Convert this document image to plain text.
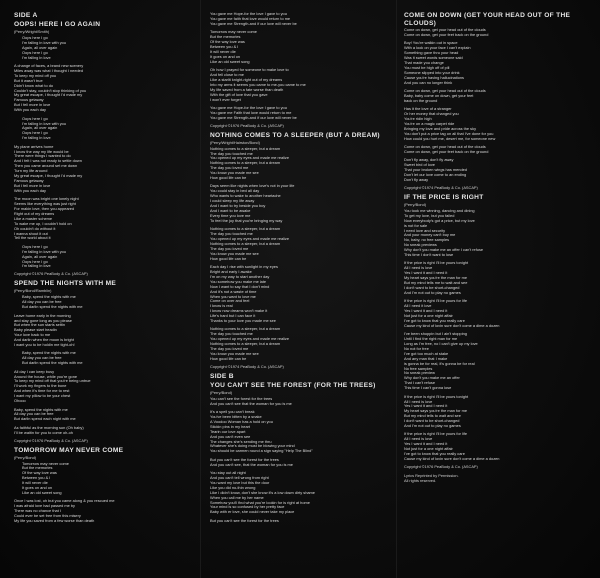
SIDE A
OOPS! HERE I GO AGAIN
(Perry/Wright/Smith)
Oops here I go
I'm falling in love with you
Again, all over again
Oops here I go
I'm falling in love
A change of faces, a brand new scenery
Miles away was what I thought I needed
To keep my mind off you
But it wasn't true
Didn't know what to do
Couldn't stay, couldn't stop thinking of you
My great escape, I thought I'd made my
Famous getaway
But I fell more in love
With you each day
Oops here I go
I'm falling in love with you
Again, all over again
Oops here I go
I'm falling in love
My plane arrives home
I know the way my life would be
There were things I wanted to do
And I felt I was not ready to settle down
Then you came around set me down
Turn my life around
My great escape, I thought I'd made my
Famous getaway
But I fell more in love
With you each day
The moon was bright one lonely night
Seems like everything was just right
For makin love, then you appeared
Right out of my dreams
Like a master scheme
To wake me up, I couldn't hold on
Oh couldn't do without it
I wanna shout it out
Tell the world about it
Oops here I go
I'm falling in love with you
Again, all over again
Oops here I go
I'm falling in love
Copyright ©1976 PeaBody & Co. (ASCAP)
SPEND THE NIGHTS WITH ME
(Perry/Bond/Ramblin)
Baby, spend the nights with me
All day you can be free
But darlin spend the nights with me
Leave home early in the morning
and stay gone long as you please
But when the sun starts settin
Baby please start headin
Your love back to me
And darlin when the moon is bright
I want you to be holdin me tight-oh!
Baby, spend the nights with me
All day you can be free
But darlin spend the nights with me
All day I can keep busy
Around the house, while you're gone
To keep my mind off that you're being untrue
I'll work my fingers to the bone
And when it's time for me to rest
I want my pillow to be your chest
Ohooo
Baby, spend the nights with me
All day you can be free
But darlin spend each night with me
As faithful as the morning sun (Oh baby)
I'll be waitin for you to come oh-oh
Copyright ©1976 PeaBody & Co. (ASCAP)
TOMORROW MAY NEVER COME
(Perry/Bond)
Tomorrow may never come
But the memories
Of the way love was
Between you & I
It will never die
It goes on and on
Like an old sweet song
Once I was lost, oh but you came along & you rescued me
I was afraid love had passed me by
There was no chance that I
Could ever be set free from this misery
My life you saved from a few worse than death
You gave me Hope-for the love I gave to you
You gave me faith that love would return to me
You gave me Strength-and if our love will never be
Tomorrow may never come
But the memories
Of the way love was
Between you & I
It will never die
It goes on and on
Like an old sweet song
Oh how I prayed for someone to make love to
And fell close to me
Like a starlit knight-right out of my dreams
Into my arms it seems you came to me-you came to me
My life saved from a fate worse than death
With the gift of love that you gave
I won't ever forget
You gave me Hope-for the love I gave to you
You gave me Faith that love would return to me
You gave me Strength-and if our love will never be
Copyright ©1976 PeaBody & Co. (ASCAP)
NOTHING COMES TO A SLEEPER (BUT A DREAM)
(Perry/Wright/Hairston/Bond)
Nothing comes to a sleeper, but a dream
The day you touched me
You opened up my eyes and made me realize
Nothing comes to a sleeper, but a dream
The day you loved me
You know you made me see
How good life can be
Days seem like nights when love's not in your life
You could stay in bed all day
Who wants to wake to another heartache
I could sleep my life away
And I want to try beside you boy
And I want to be awake
Every time you love me
To feel the joy that you're bringing my way
Nothing comes to a sleeper, but a dream
The day you touched me
You opened up my eyes and made me realize
Nothing comes to a sleeper, but a dream
The day you loved me
You know you made me see
How good life can be
Each day I rise with sunlight in my eyes
Bright and early I awake
I'm on my way to start another day
You somehow you make me late
Now I want to say that I don't mind
And it's not a waste of time
When you want to love me
Come on over and feel
I know is real
I know now dreams won't make it
Life's hard but I can face it
Thanks to your love you made me see
Nothing comes to a sleeper, but a dream
The day you touched me
You opened up my eyes and made me realize
Nothing comes to a sleeper, but a dream
The day you loved me
You know you made me see
How good life can be
Copyright ©1974 PeaBody & Co. (ASCAP)
SIDE B
YOU CAN'T SEE THE FOREST (FOR THE TREES)
(Perry/Bond)
You can't see the forest for the trees
And you can't see that the woman for you is me
It's a spell you can't break
You've been bitten by a snake
A Voodoo Woman has a hold on you
Stickin pins in my heart
Tearin our love apart
And you can't even see
The changes she's sending me thru
Whatever she's doing must be blowing your mind
You should be carmen round a sign saying "Help The Blind"
But you can't see the forest for the trees
And you can't see, that the woman for you is me
You stay out all night
And you can't tell wrong from right
You want my love but this the door
Like you did no-thin wrong
Like I didn't know, don't she know it's a low down dirty shame
When you call me by her name
Somehow you'll find what you're lookin for is right at home
Your mind is so confused by her pretty face
Baby with er love, she could never take my place
But you can't see the forest for the trees
COME ON DOWN (GET YOUR HEAD OUT OF THE CLOUDS)
Come on down, get your head out of the clouds
Come on down, get your feet back on the ground
Boy! You're walkin out in space
With a look on your face I can't explain
Something gave thru your head
Was it sweet words someone said
That made you change
You must be high off of pill
Someone slipped into your drink
Cause you're having hallucinations
And you can no longer think
Come on down, get your head out of the clouds
Baby, baby come on down, get your feet
back on the ground
Has it the love of a stranger
Or her money that changed you
You're ridin high
You're on a magic carpet ride
Bringing my love and pride across the sky
You don't put a price tag on all that I've done for you
How could you hurt me, desert me, for someone new
Come on down, get your head out of the clouds
Come on down, get your feet back on the ground
Don't fly away, don't fly away
Sweet bird of love
That your broken wings has mended
Don't let our love come to an ending
Don't fly away
Copyright ©1974 PeaBody & Co. (ASCAP)
IF THE PRICE IS RIGHT
(Perry/Bond)
You took me winning, dancing and dining
To get my love, but you failed
Now everybody's got a price, but my love
is not for sale
I need love and security
And your money can't buy me
No, baby, no free samples
No sneak previews
Why don't you make me an offer I can't refuse
This time I don't want to lose
If the price is right I'll be yours tonight
All I need is love
Yes I want it and I need it
My heart says you're the man for me
But my mind tells me to wait and see
I don't want to be short-changed
And I'm not out to play no games
If the price is right I'll be yours for life
All I need it love
Yes I want it and I need it
Not just for a one night affair
I've got to know that you really care
Cause my kind of lovin sure don't come a dime a dozen
I've been shoppin but I ain't stopping
Until I find the right man for me
Long as I'm free, no I can't give up my love
No not for free
I've got too much at stake
And any man that I make
is gonna be for real, it's gonna be for real
No free samples
No sneak preview
Why don't you make me an offer
That I can't refuse
This time I can't gonna lose
If the price is right I'll be yours tonight
All I need is love
Yes I want it and I need it
My heart says you're the man for me
But my mind tells to wait and see
I don't want to be short-changed
And I'm not out to play no games
If the price is right I'll be yours for life
All I need is love
Yes I want it and I need it
Not just for a one night affair
I've got to know that you really care
Cause my kind of lovin sure don't come a dime a dozen
Copyright ©1976 PeaBody & Co. (ASCAP)
Lyrics Reprinted by Permission.
All rights reserved.
